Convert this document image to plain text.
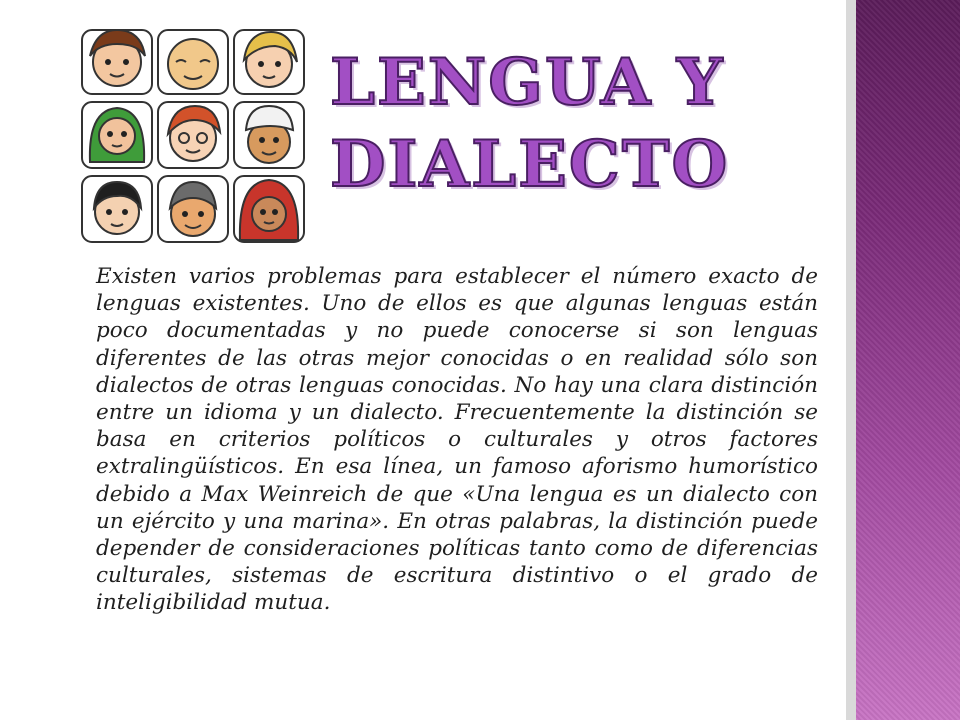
LENGUA Y
DIALECTO

Existen varios problemas para establecer el número exacto de lenguas existentes. Uno de ellos es que algunas lenguas están poco documentadas y no puede conocerse si son lenguas diferentes de las otras mejor conocidas o en realidad sólo son dialectos de otras lenguas conocidas. No hay una clara distinción entre un idioma y un dialecto. Frecuentemente la distinción se basa en criterios políticos o culturales y otros factores extralingüísticos. En esa línea, un famoso aforismo humorístico debido a Max Weinreich de que «Una lengua es un dialecto con un ejército y una marina». En otras palabras, la distinción puede depender de consideraciones políticas tanto como de diferencias culturales, sistemas de escritura distintivo o el grado de inteligibilidad mutua.
